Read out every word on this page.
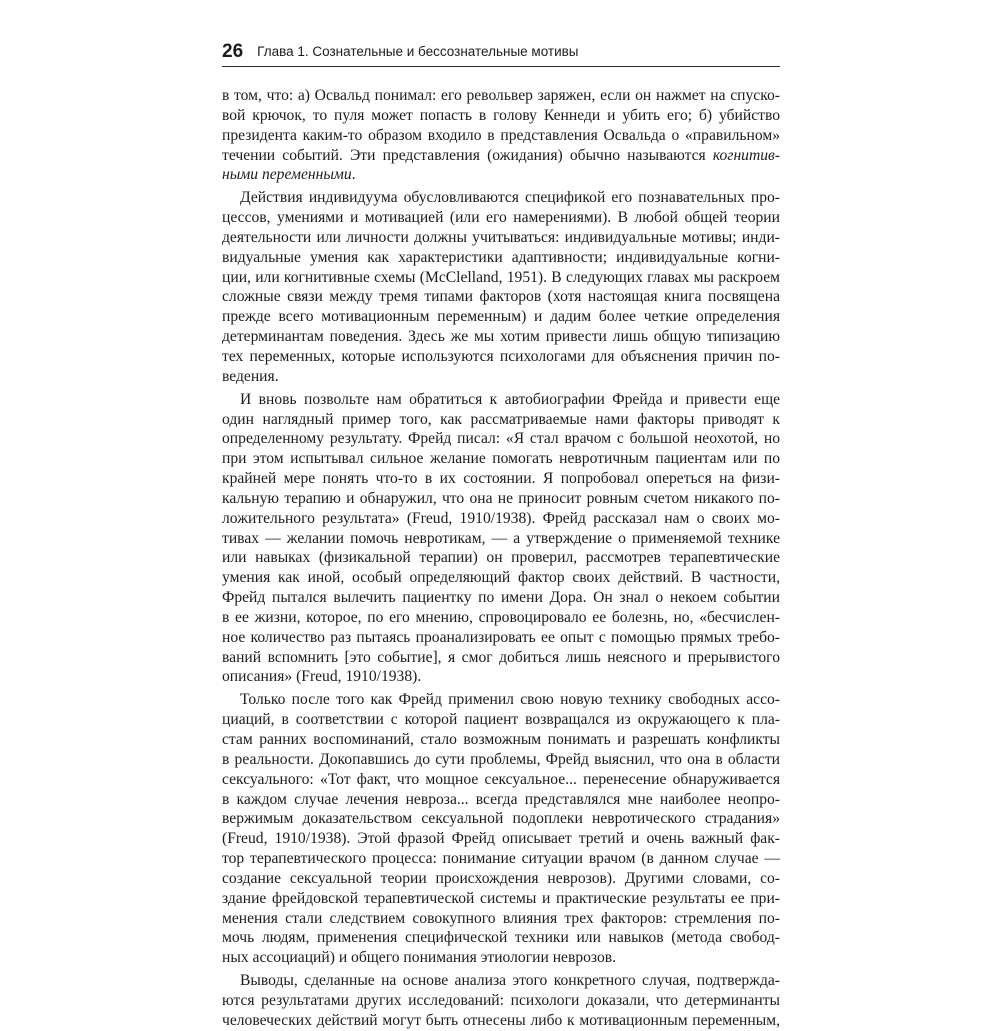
26 Глава 1. Сознательные и бессознательные мотивы
в том, что: а) Освальд понимал: его револьвер заряжен, если он нажмет на спуско-
вой крючок, то пуля может попасть в голову Кеннеди и убить его; б) убийство
президента каким-то образом входило в представления Освальда о «правильном»
течении событий. Эти представления (ожидания) обычно называются когнитив-
ными переменными.
Действия индивидуума обусловливаются спецификой его познавательных про-
цессов, умениями и мотивацией (или его намерениями). В любой общей теории
деятельности или личности должны учитываться: индивидуальные мотивы; инди-
видуальные умения как характеристики адаптивности; индивидуальные когни-
ции, или когнитивные схемы (McClelland, 1951). В следующих главах мы раскроем
сложные связи между тремя типами факторов (хотя настоящая книга посвящена
прежде всего мотивационным переменным) и дадим более четкие определения
детерминантам поведения. Здесь же мы хотим привести лишь общую типизацию
тех переменных, которые используются психологами для объяснения причин по-
ведения.
И вновь позвольте нам обратиться к автобиографии Фрейда и привести еще
один наглядный пример того, как рассматриваемые нами факторы приводят к
определенному результату. Фрейд писал: «Я стал врачом с большой неохотой, но
при этом испытывал сильное желание помогать невротичным пациентам или по
крайней мере понять что-то в их состоянии. Я попробовал опереться на физи-
кальную терапию и обнаружил, что она не приносит ровным счетом никакого по-
ложительного результата» (Freud, 1910/1938). Фрейд рассказал нам о своих мо-
тивах — желании помочь невротикам, — а утверждение о применяемой технике
или навыках (физикальной терапии) он проверил, рассмотрев терапевтические
умения как иной, особый определяющий фактор своих действий. В частности,
Фрейд пытался вылечить пациентку по имени Дора. Он знал о некоем событии
в ее жизни, которое, по его мнению, спровоцировало ее болезнь, но, «бесчислен-
ное количество раз пытаясь проанализировать ее опыт с помощью прямых требо-
ваний вспомнить [это событие], я смог добиться лишь неясного и прерывистого
описания» (Freud, 1910/1938).
Только после того как Фрейд применил свою новую технику свободных ассо-
циаций, в соответствии с которой пациент возвращался из окружающего к пла-
стам ранних воспоминаний, стало возможным понимать и разрешать конфликты
в реальности. Докопавшись до сути проблемы, Фрейд выяснил, что она в области
сексуального: «Тот факт, что мощное сексуальное... перенесение обнаруживается
в каждом случае лечения невроза... всегда представлялся мне наиболее неопро-
вержимым доказательством сексуальной подоплеки невротического страдания»
(Freud, 1910/1938). Этой фразой Фрейд описывает третий и очень важный фак-
тор терапевтического процесса: понимание ситуации врачом (в данном случае —
создание сексуальной теории происхождения неврозов). Другими словами, со-
здание фрейдовской терапевтической системы и практические результаты ее при-
менения стали следствием совокупного влияния трех факторов: стремления по-
мочь людям, применения специфической техники или навыков (метода свобод-
ных ассоциаций) и общего понимания этиологии неврозов.
Выводы, сделанные на основе анализа этого конкретного случая, подтвержда-
ются результатами других исследований: психологи доказали, что детерминанты
человеческих действий могут быть отнесены либо к мотивационным переменным,
